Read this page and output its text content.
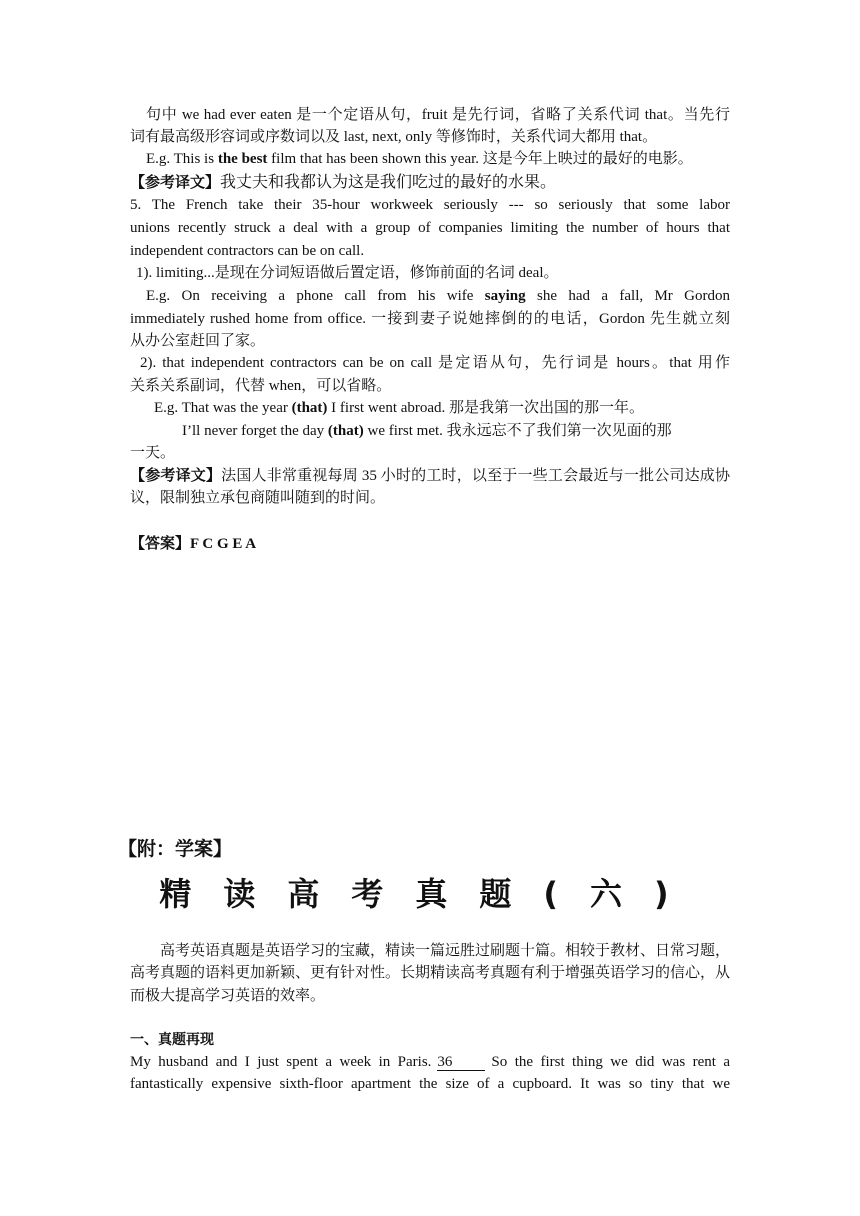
句中 we had ever eaten 是一个定语从句，fruit 是先行词，省略了关系代词 that。当先行
词有最高级形容词或序数词以及 last, next, only 等修饰时，关系代词大都用 that。
E.g. This is the best film that has been shown this year. 这是今年上映过的最好的电影。
【参考译文】我丈夫和我都认为这是我们吃过的最好的水果。
5. The French take their 35-hour workweek seriously --- so seriously that some labor
unions recently struck a deal with a group of companies limiting the number of hours that
independent contractors can be on call.
1). limiting...是现在分词短语做后置定语，修饰前面的名词 deal。
E.g. On receiving a phone call from his wife saying she had a fall, Mr Gordon
immediately rushed home from office. 一接到妻子说她摔倒的的电话，Gordon 先生就立刻
从办公室赶回了家。
2). that independent contractors can be on call 是定语从句，先行词是 hours。that 用作
关系关系副词，代替 when，可以省略。
E.g. That was the year (that) I first went abroad. 那是我第一次出国的那一年。
I’ll never forget the day (that) we first met. 我永远忘不了我们第一次见面的那
一天。
【参考译文】法国人非常重视每周 35 小时的工时，以至于一些工会最近与一批公司达成协
议，限制独立承包商随叫随到的时间。
【答案】F C G E A
【附：学案】
精读高考真题(六)
高考英语真题是英语学习的宝藏，精读一篇远胜过刷题十篇。相较于教材、日常习题，
高考真题的语料更加新颖、更有针对性。长期精读高考真题有利于增强英语学习的信心，从
而极大提高学习英语的效率。
一、真题再现
My husband and I just spent a week in Paris. 36	So the first thing we did was rent a
fantastically expensive sixth-floor apartment the size of a cupboard. It was so tiny that we
